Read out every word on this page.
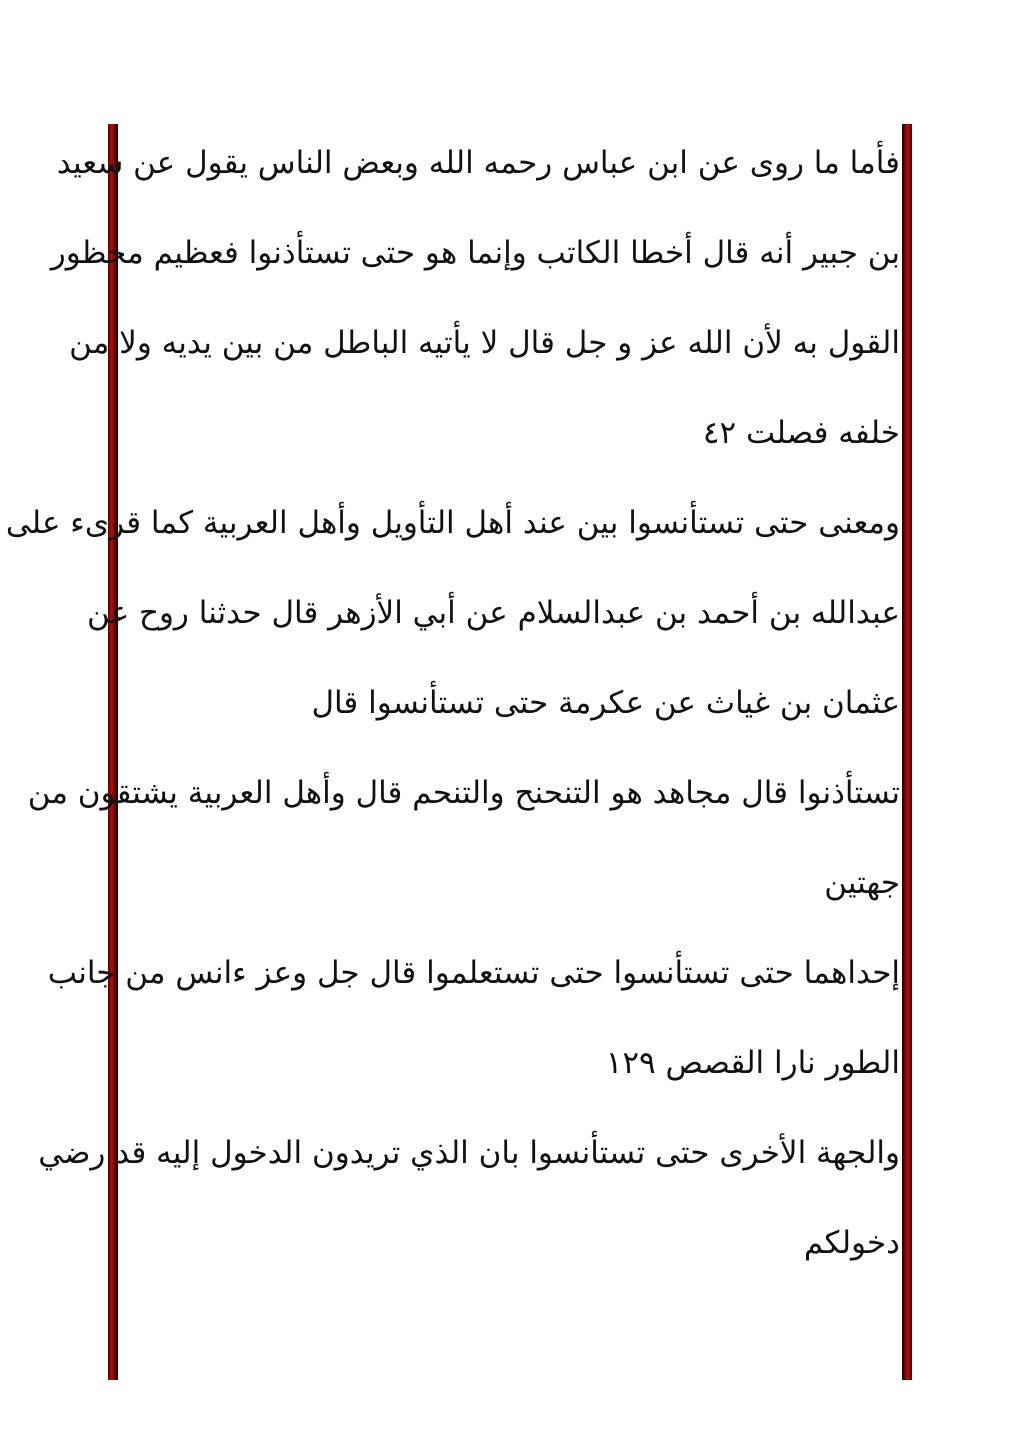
فأما ما روى عن ابن عباس رحمه الله وبعض الناس يقول عن سعيد
بن جبير أنه قال أخطا الكاتب وإنما هو حتى تستأذنوا فعظيم محظور
القول به لأن الله عز و جل قال لا يأتيه الباطل من بين يديه ولا من
خلفه فصلت ٤٢
ومعنى حتى تستأنسوا بين عند أهل التأويل وأهل العربية كما قرىء على
عبدالله بن أحمد بن عبدالسلام عن أبي الأزهر قال حدثنا روح عن
عثمان بن غياث عن عكرمة حتى تستأنسوا قال
تستأذنوا قال مجاهد هو التنحنح والتنحم قال وأهل العربية يشتقون من
جهتين
إحداهما حتى تستأنسوا حتى تستعلموا قال جل وعز ءانس من جانب
الطور نارا القصص ١٢٩
والجهة الأخرى حتى تستأنسوا بان الذي تريدون الدخول إليه قد رضي
دخولكم
